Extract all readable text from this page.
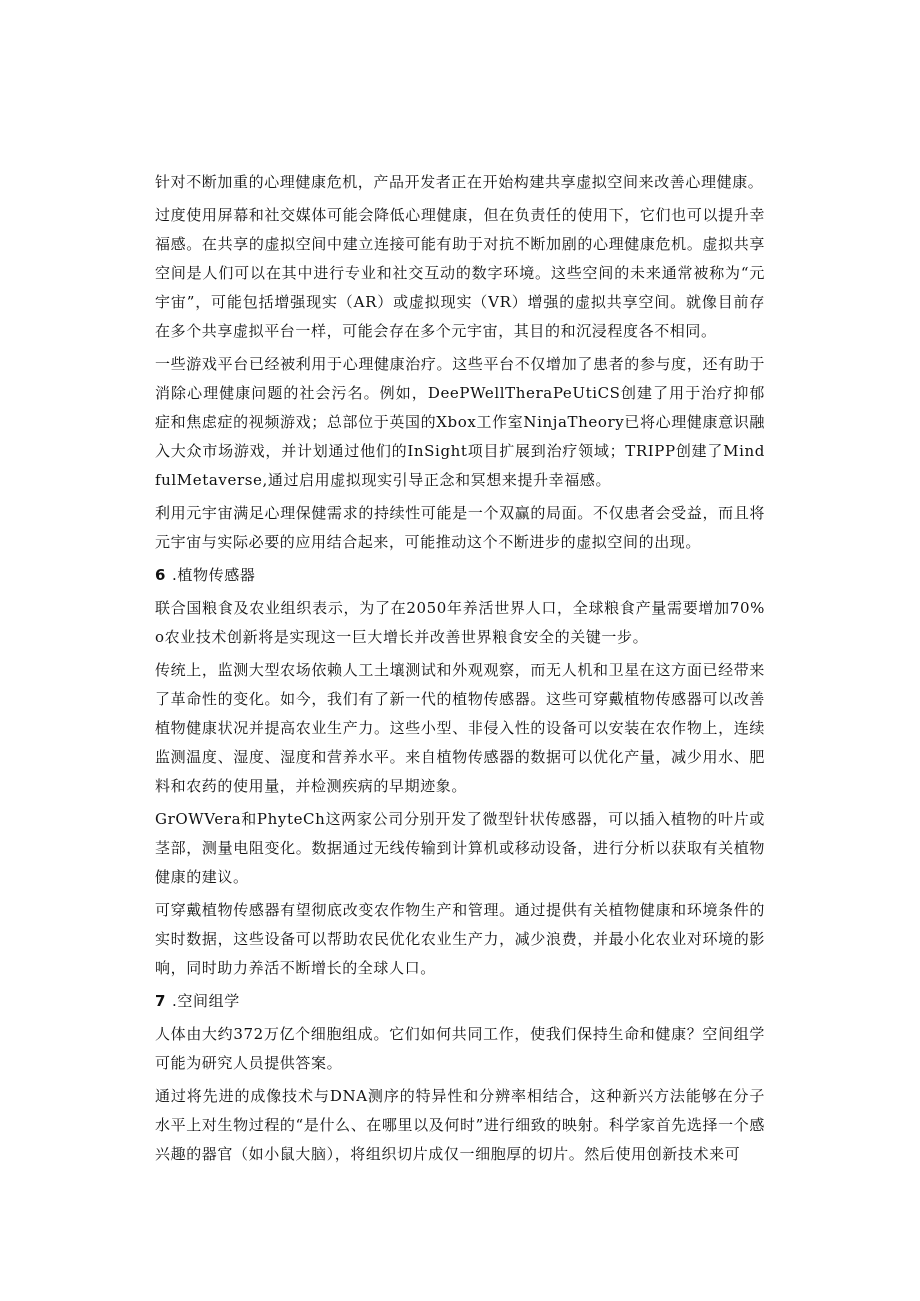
针对不断加重的心理健康危机，产品开发者正在开始构建共享虚拟空间来改善心理健康。

过度使用屏幕和社交媒体可能会降低心理健康，但在负责任的使用下，它们也可以提升幸福感。在共享的虚拟空间中建立连接可能有助于对抗不断加剧的心理健康危机。虚拟共享空间是人们可以在其中进行专业和社交互动的数字环境。这些空间的未来通常被称为“元宇宙”，可能包括增强现实（AR）或虚拟现实（VR）增强的虚拟共享空间。就像目前存在多个共享虚拟平台一样，可能会存在多个元宇宙，其目的和沉浸程度各不相同。

一些游戏平台已经被利用于心理健康治疗。这些平台不仅增加了患者的参与度，还有助于消除心理健康问题的社会污名。例如，DeePWellTheraPeUtiCS创建了用于治疗抑郁症和焦虑症的视频游戏；总部位于英国的Xbox工作室NinjaTheory已将心理健康意识融入大众市场游戏，并计划通过他们的InSight项目扩展到治疗领域；TRIPP创建了MindfulMetaverse,通过启用虚拟现实引导正念和冥想来提升幸福感。

利用元宇宙满足心理保健需求的持续性可能是一个双赢的局面。不仅患者会受益，而且将元宇宙与实际必要的应用结合起来，可能推动这个不断进步的虚拟空间的出现。

6 .植物传感器

联合国粮食及农业组织表示，为了在2050年养活世界人口，全球粮食产量需要增加70%o农业技术创新将是实现这一巨大增长并改善世界粮食安全的关键一步。

传统上，监测大型农场依赖人工土壤测试和外观观察，而无人机和卫星在这方面已经带来了革命性的变化。如今，我们有了新一代的植物传感器。这些可穿戴植物传感器可以改善植物健康状况并提高农业生产力。这些小型、非侵入性的设备可以安装在农作物上，连续监测温度、湿度、湿度和营养水平。来自植物传感器的数据可以优化产量，减少用水、肥料和农药的使用量，并检测疾病的早期迹象。

GrOWVera和PhyteCh这两家公司分别开发了微型针状传感器，可以插入植物的叶片或茎部，测量电阻变化。数据通过无线传输到计算机或移动设备，进行分析以获取有关植物健康的建议。

可穿戴植物传感器有望彻底改变农作物生产和管理。通过提供有关植物健康和环境条件的实时数据，这些设备可以帮助农民优化农业生产力，减少浪费，并最小化农业对环境的影响，同时助力养活不断增长的全球人口。

7 .空间组学

人体由大约372万亿个细胞组成。它们如何共同工作，使我们保持生命和健康？空间组学可能为研究人员提供答案。

通过将先进的成像技术与DNA测序的特异性和分辨率相结合，这种新兴方法能够在分子水平上对生物过程的“是什么、在哪里以及何时”进行细致的映射。科学家首先选择一个感兴趣的器官（如小鼠大脑），将组织切片成仅一细胞厚的切片。然后使用创新技术来可
